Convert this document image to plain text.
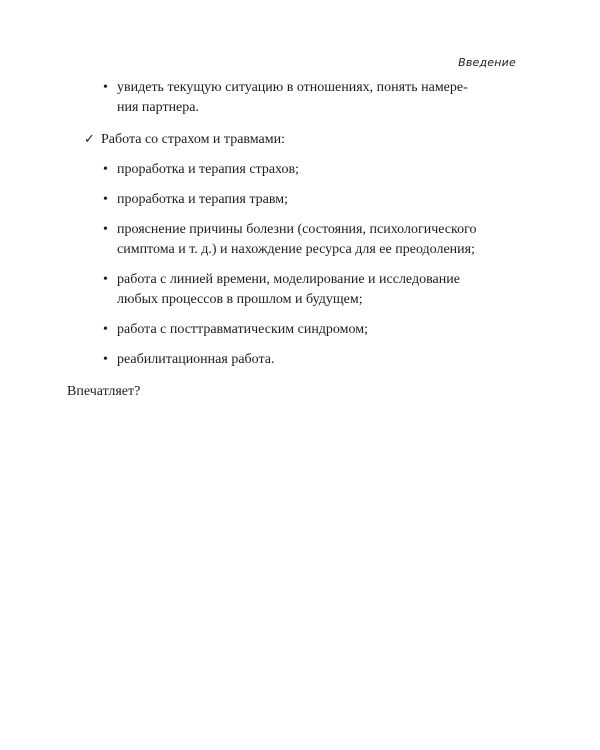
Введение
• увидеть текущую ситуацию в отношениях, понять намере-
ния партнера.
✓ Работа со страхом и травмами:
• проработка и терапия страхов;
• проработка и терапия травм;
• прояснение причины болезни (состояния, психологического
симптома и т. д.) и нахождение ресурса для ее преодоления;
• работа с линией времени, моделирование и исследование
любых процессов в прошлом и будущем;
• работа с посттравматическим синдромом;
• реабилитационная работа.

Впечатляет?
